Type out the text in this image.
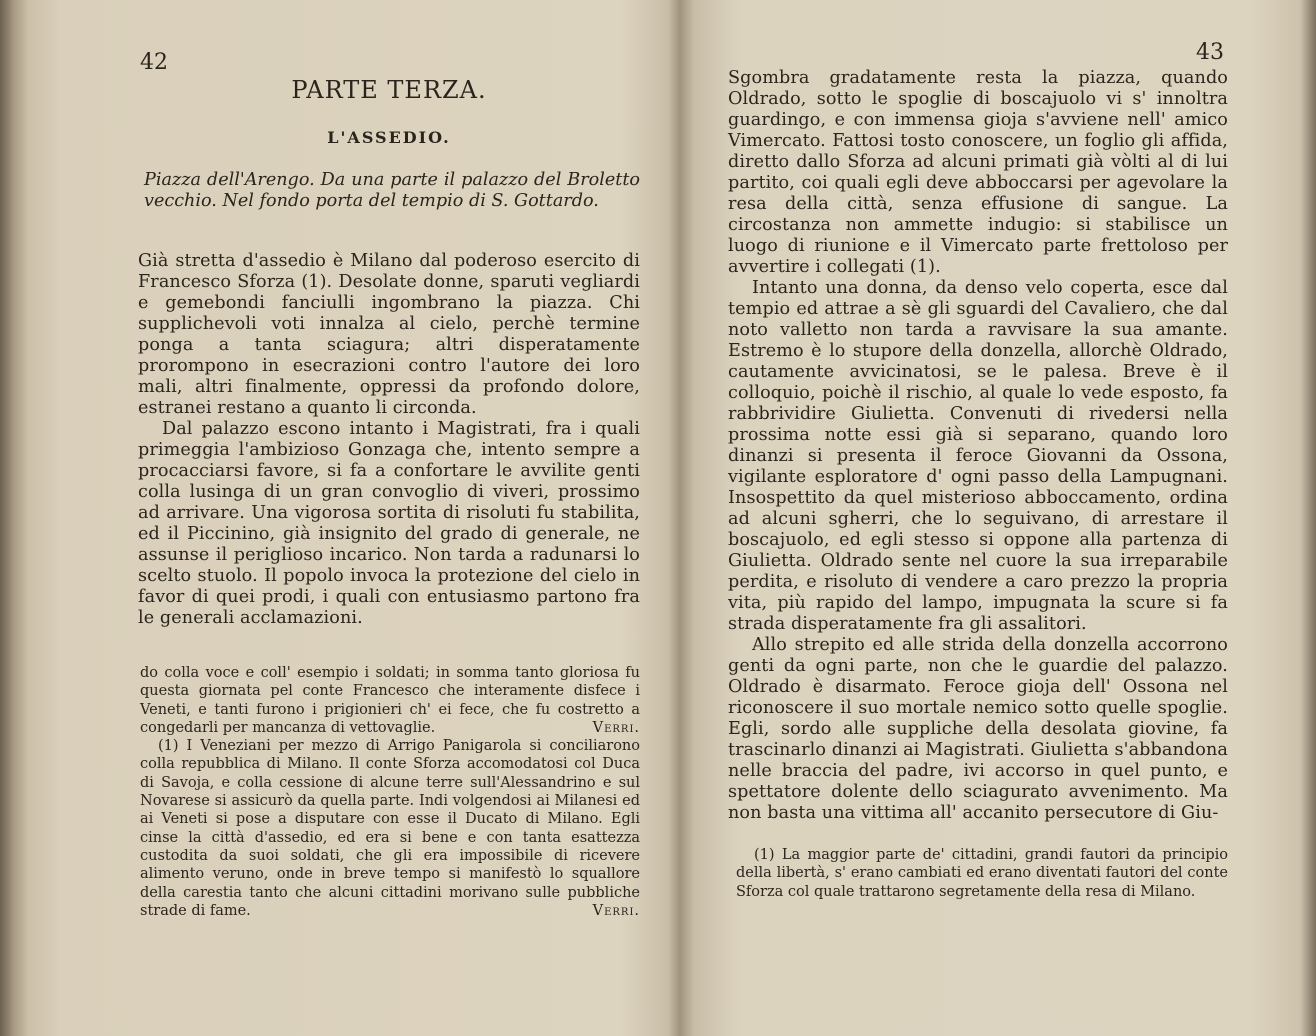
42
PARTE TERZA.
L'ASSEDIO.
Piazza dell'Arengo. Da una parte il palazzo del Broletto vecchio. Nel fondo porta del tempio di S. Gottardo.

Già stretta d'assedio è Milano dal poderoso esercito di Francesco Sforza (1). Desolate donne, sparuti vegliardi e gemebondi fanciulli ingombrano la piazza. Chi supplichevoli voti innalza al cielo, perchè termine ponga a tanta sciagura; altri disperatamente prorompono in esecrazioni contro l'autore dei loro mali, altri finalmente, oppressi da profondo dolore, estranei restano a quanto li circonda.

Dal palazzo escono intanto i Magistrati, fra i quali primeggia l'ambizioso Gonzaga che, intento sempre a procacciarsi favore, si fa a confortare le avvilite genti colla lusinga di un gran convoglio di viveri, prossimo ad arrivare. Una vigorosa sortita di risoluti fu stabilita, ed il Piccinino, già insignito del grado di generale, ne assunse il periglioso incarico. Non tarda a radunarsi lo scelto stuolo. Il popolo invoca la protezione del cielo in favor di quei prodi, i quali con entusiasmo partono fra le generali acclamazioni.

do colla voce e coll' esempio i soldati; in somma tanto gloriosa fu questa giornata pel conte Francesco che interamente disfece i Veneti, e tanti furono i prigionieri ch' ei fece, che fu costretto a congedarli per mancanza di vettovaglie.	Verri.

(1) I Veneziani per mezzo di Arrigo Panigarola si conciliarono colla repubblica di Milano. Il conte Sforza accomodatosi col Duca di Savoja, e colla cessione di alcune terre sull'Alessandrino e sul Novarese si assicurò da quella parte. Indi volgendosi ai Milanesi ed ai Veneti si pose a disputare con esse il Ducato di Milano. Egli cinse la città d'assedio, ed era si bene e con tanta esattezza custodita da suoi soldati, che gli era impossibile di ricevere alimento veruno, onde in breve tempo si manifestò lo squallore della carestia tanto che alcuni cittadini morivano sulle pubbliche strade di fame.	Verri.

43

Sgombra gradatamente resta la piazza, quando Oldrado, sotto le spoglie di boscajuolo vi s' innoltra guardingo, e con immensa gioja s'avviene nell' amico Vimercato. Fattosi tosto conoscere, un foglio gli affida, diretto dallo Sforza ad alcuni primati già vòlti al di lui partito, coi quali egli deve abboccarsi per agevolare la resa della città, senza effusione di sangue. La circostanza non ammette indugio: si stabilisce un luogo di riunione e il Vimercato parte frettoloso per avvertire i collegati (1).

Intanto una donna, da denso velo coperta, esce dal tempio ed attrae a sè gli sguardi del Cavaliero, che dal noto valletto non tarda a ravvisare la sua amante. Estremo è lo stupore della donzella, allorchè Oldrado, cautamente avvicinatosi, se le palesa. Breve è il colloquio, poichè il rischio, al quale lo vede esposto, fa rabbrividire Giulietta. Convenuti di rivedersi nella prossima notte essi già si separano, quando loro dinanzi si presenta il feroce Giovanni da Ossona, vigilante esploratore d' ogni passo della Lampugnani. Insospettito da quel misterioso abboccamento, ordina ad alcuni sgherri, che lo seguivano, di arrestare il boscajuolo, ed egli stesso si oppone alla partenza di Giulietta. Oldrado sente nel cuore la sua irreparabile perdita, e risoluto di vendere a caro prezzo la propria vita, più rapido del lampo, impugnata la scure si fa strada disperatamente fra gli assalitori.

Allo strepito ed alle strida della donzella accorrono genti da ogni parte, non che le guardie del palazzo. Oldrado è disarmato. Feroce gioja dell' Ossona nel riconoscere il suo mortale nemico sotto quelle spoglie. Egli, sordo alle suppliche della desolata giovine, fa trascinarlo dinanzi ai Magistrati. Giulietta s'abbandona nelle braccia del padre, ivi accorso in quel punto, e spettatore dolente dello sciagurato avvenimento. Ma non basta una vittima all' accanito persecutore di Giu-

(1) La maggior parte de' cittadini, grandi fautori da principio della libertà, s' erano cambiati ed erano diventati fautori del conte Sforza col quale trattarono segretamente della resa di Milano.
